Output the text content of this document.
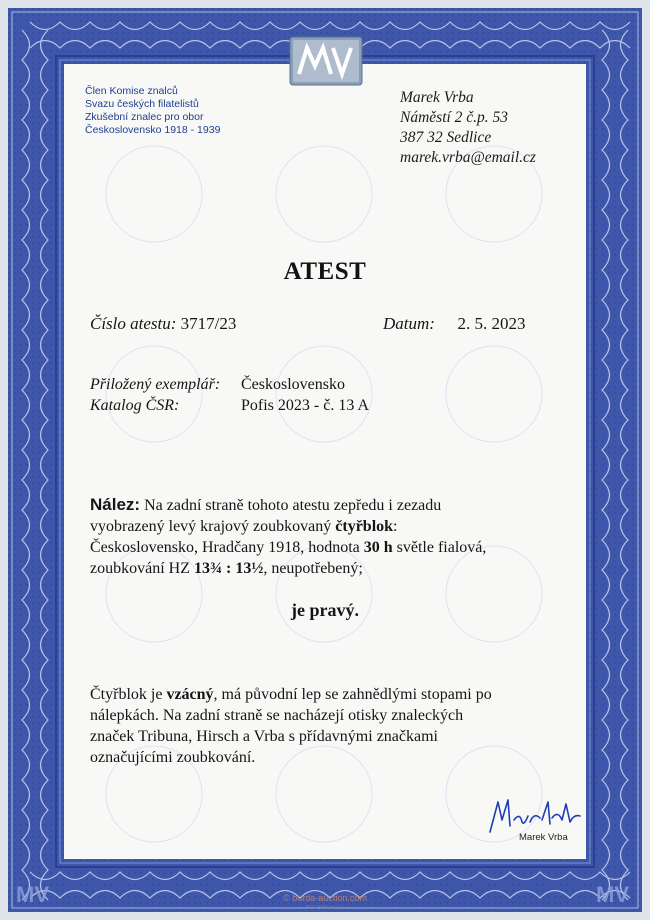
MV	MV
MV
Člen Komise znalců
Svazu českých filatelistů
Zkušební znalec pro obor
Československo 1918 - 1939
Marek Vrba
Náměstí 2 č.p. 53
387 32 Sedlice
marek.vrba@email.cz
ATEST
Číslo atestu: 3717/23	Datum: 2. 5. 2023
Přiložený exemplář: Československo
Katalog ČSR:	Pofis 2023 - č. 13 A
Nález: Na zadní straně tohoto atestu zepředu i zezadu
vyobrazený levý krajový zoubkovaný čtyřblok:
Československo, Hradčany 1918, hodnota 30 h světle fialová,
zoubkování HZ 13¾ : 13½, neupotřebený;
je pravý.
Čtyřblok je vzácný, má původní lep se zahnědlými stopami po
nálepkách. Na zadní straně se nacházejí otisky znaleckých
značek Tribuna, Hirsch a Vrba s přídavnými značkami
označujícími zoubkování.
Marek Vrba
© burda-auction.com
PTC Příbram a.s.
